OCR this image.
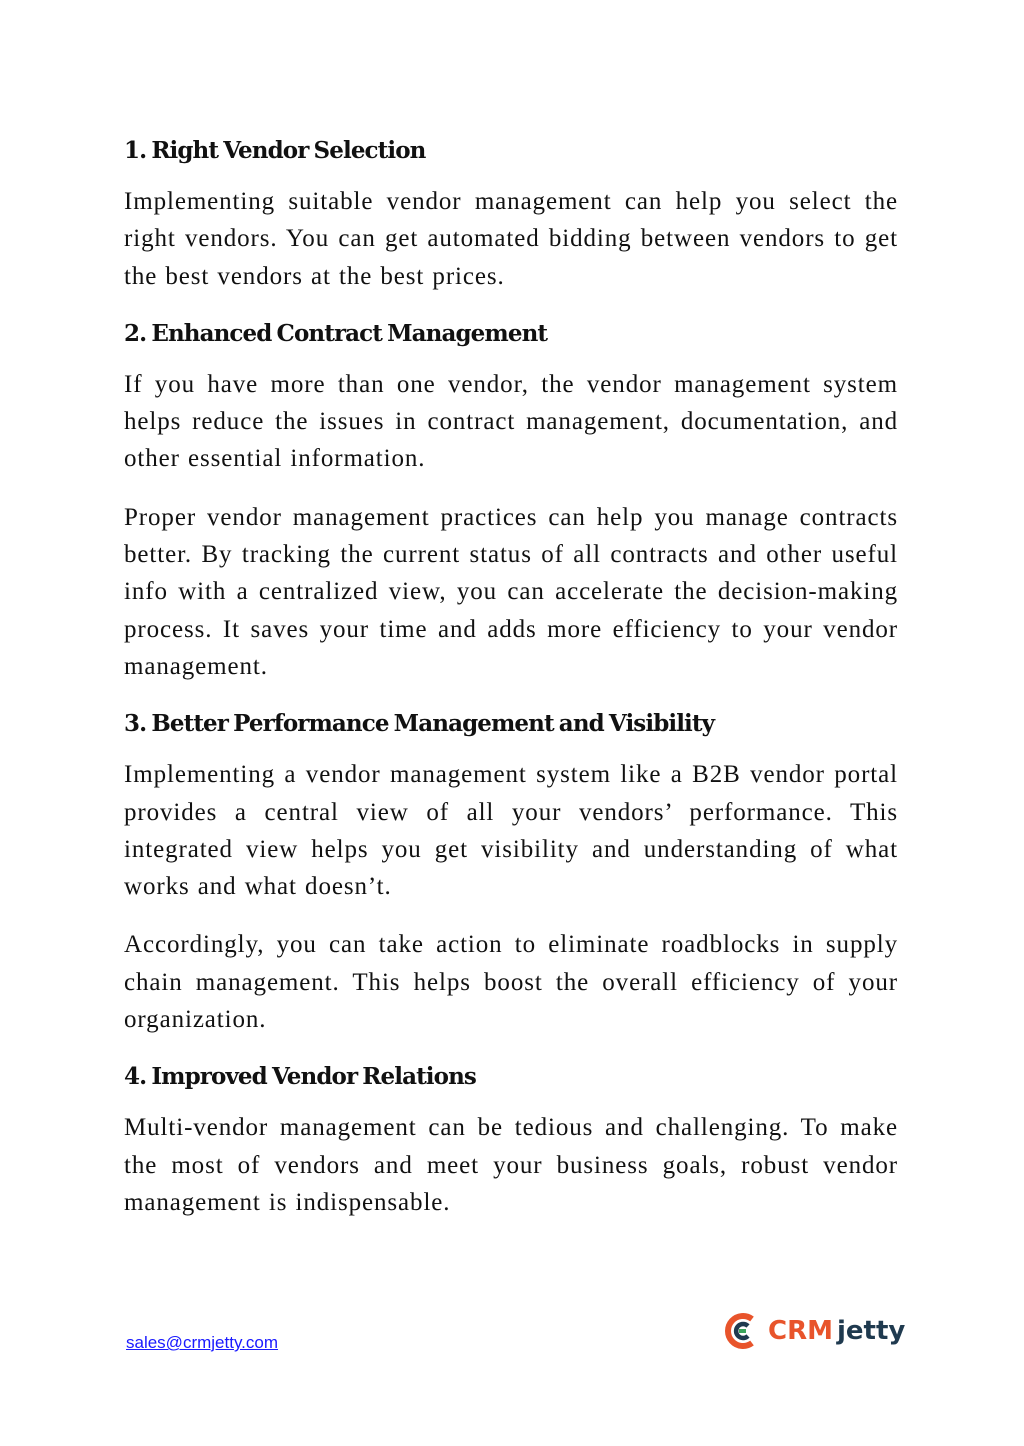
1. Right Vendor Selection

Implementing suitable vendor management can help you select the right vendors. You can get automated bidding between vendors to get the best vendors at the best prices.

2. Enhanced Contract Management

If you have more than one vendor, the vendor management system helps reduce the issues in contract management, documentation, and other essential information.

Proper vendor management practices can help you manage contracts better. By tracking the current status of all contracts and other useful info with a centralized view, you can accelerate the decision-making process. It saves your time and adds more efficiency to your vendor management.

3. Better Performance Management and Visibility

Implementing a vendor management system like a B2B vendor portal provides a central view of all your vendors’ performance. This integrated view helps you get visibility and understanding of what works and what doesn’t.

Accordingly, you can take action to eliminate roadblocks in supply chain management. This helps boost the overall efficiency of your organization.

4. Improved Vendor Relations

Multi-vendor management can be tedious and challenging. To make the most of vendors and meet your business goals, robust vendor management is indispensable.

sales@crmjetty.com	CRM jetty
